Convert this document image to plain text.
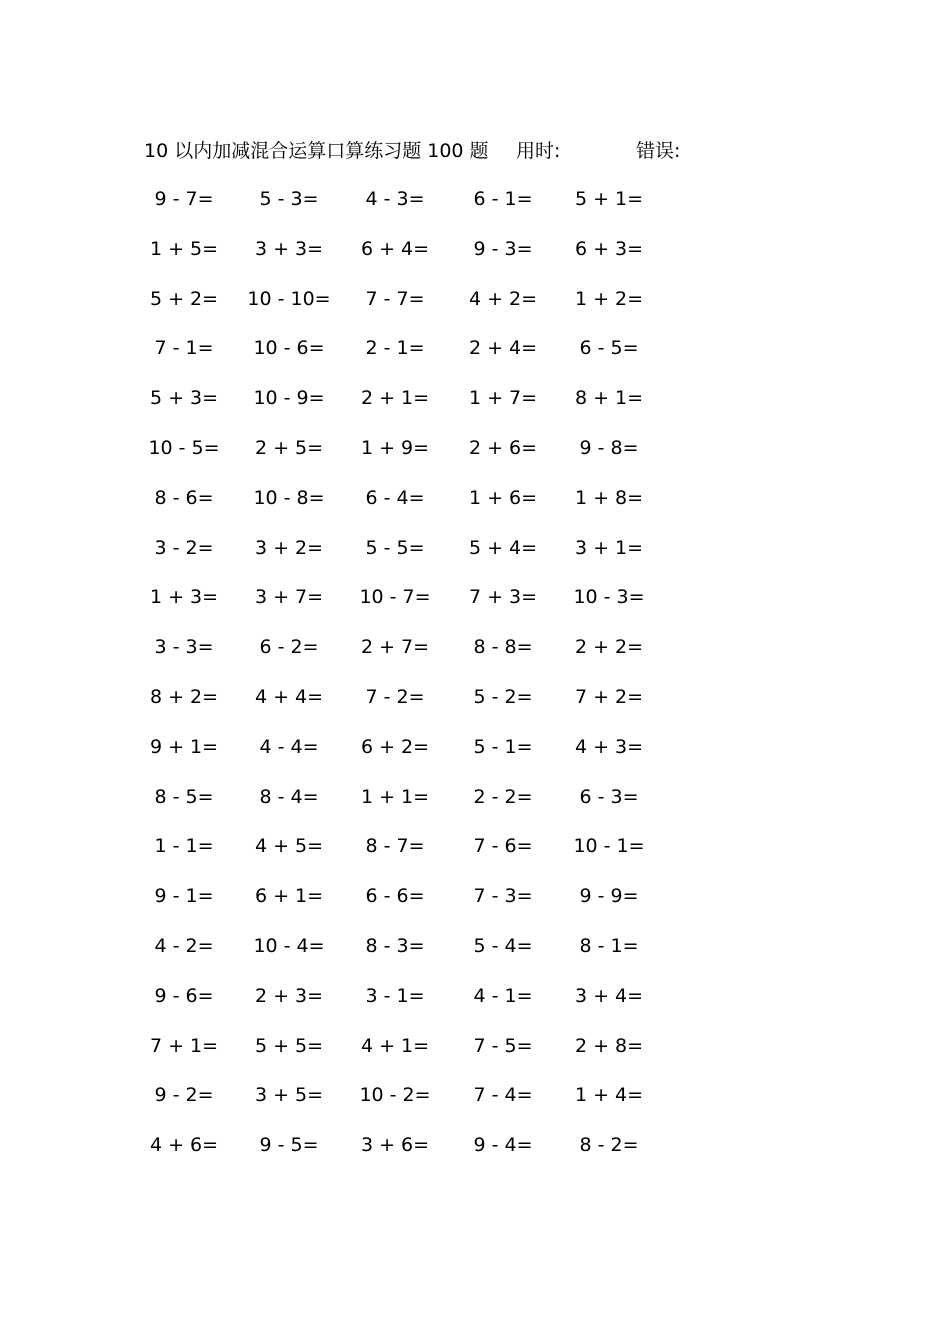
10 以内加减混合运算口算练习题 100 题 用时:	错误:
9 - 7=	5 - 3=	4 - 3=	6 - 1=	5 + 1=
1 + 5=	3 + 3=	6 + 4=	9 - 3=	6 + 3=
5 + 2=	10 - 10=	7 - 7=	4 + 2=	1 + 2=
7 - 1=	10 - 6=	2 - 1=	2 + 4=	6 - 5=
5 + 3=	10 - 9=	2 + 1=	1 + 7=	8 + 1=
10 - 5=	2 + 5=	1 + 9=	2 + 6=	9 - 8=
8 - 6=	10 - 8=	6 - 4=	1 + 6=	1 + 8=
3 - 2=	3 + 2=	5 - 5=	5 + 4=	3 + 1=
1 + 3=	3 + 7=	10 - 7=	7 + 3=	10 - 3=
3 - 3=	6 - 2=	2 + 7=	8 - 8=	2 + 2=
8 + 2=	4 + 4=	7 - 2=	5 - 2=	7 + 2=
9 + 1=	4 - 4=	6 + 2=	5 - 1=	4 + 3=
8 - 5=	8 - 4=	1 + 1=	2 - 2=	6 - 3=
1 - 1=	4 + 5=	8 - 7=	7 - 6=	10 - 1=
9 - 1=	6 + 1=	6 - 6=	7 - 3=	9 - 9=
4 - 2=	10 - 4=	8 - 3=	5 - 4=	8 - 1=
9 - 6=	2 + 3=	3 - 1=	4 - 1=	3 + 4=
7 + 1=	5 + 5=	4 + 1=	7 - 5=	2 + 8=
9 - 2=	3 + 5=	10 - 2=	7 - 4=	1 + 4=
4 + 6=	9 - 5=	3 + 6=	9 - 4=	8 - 2=
